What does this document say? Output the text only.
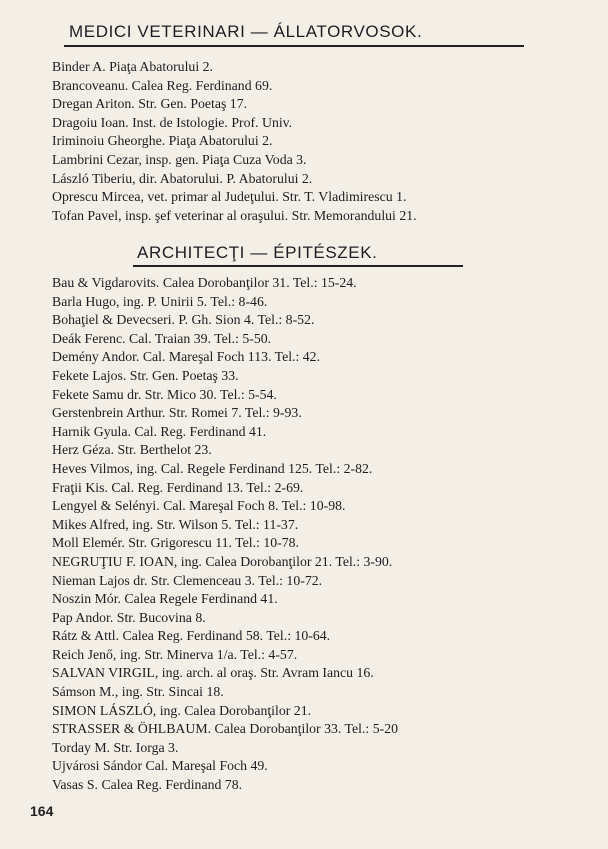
MEDICI VETERINARI — ÁLLATORVOSOK.
Binder A. Piaţa Abatorului 2.
Brancoveanu. Calea Reg. Ferdinand 69.
Dregan Ariton. Str. Gen. Poetaş 17.
Dragoiu Ioan. Inst. de Istologie. Prof. Univ.
Iriminoiu Gheorghe. Piaţa Abatorului 2.
Lambrini Cezar, insp. gen. Piaţa Cuza Voda 3.
László Tiberiu, dir. Abatorului. P. Abatorului 2.
Oprescu Mircea, vet. primar al Judeţului. Str. T. Vladimirescu 1.
Tofan Pavel, insp. şef veterinar al oraşului. Str. Memorandului 21.
ARCHITECŢI — ÉPITÉSZEK.
Bau & Vigdarovits. Calea Dorobanţilor 31. Tel.: 15-24.
Barla Hugo, ing. P. Unirii 5. Tel.: 8-46.
Bohaţiel & Devecseri. P. Gh. Sion 4. Tel.: 8-52.
Deák Ferenc. Cal. Traian 39. Tel.: 5-50.
Demény Andor. Cal. Mareşal Foch 113. Tel.: 42.
Fekete Lajos. Str. Gen. Poetaş 33.
Fekete Samu dr. Str. Mico 30. Tel.: 5-54.
Gerstenbrein Arthur. Str. Romei 7. Tel.: 9-93.
Harnik Gyula. Cal. Reg. Ferdinand 41.
Herz Géza. Str. Berthelot 23.
Heves Vilmos, ing. Cal. Regele Ferdinand 125. Tel.: 2-82.
Fraţii Kis. Cal. Reg. Ferdinand 13. Tel.: 2-69.
Lengyel & Selényi. Cal. Mareşal Foch 8. Tel.: 10-98.
Mikes Alfred, ing. Str. Wilson 5. Tel.: 11-37.
Moll Elemér. Str. Grigorescu 11. Tel.: 10-78.
NEGRUŢIU F. IOAN, ing. Calea Dorobanţilor 21. Tel.: 3-90.
Nieman Lajos dr. Str. Clemenceau 3. Tel.: 10-72.
Noszin Mór. Calea Regele Ferdinand 41.
Pap Andor. Str. Bucovina 8.
Rátz & Attl. Calea Reg. Ferdinand 58. Tel.: 10-64.
Reich Jenő, ing. Str. Minerva 1/a. Tel.: 4-57.
SALVAN VIRGIL, ing. arch. al oraş. Str. Avram Iancu 16.
Sámson M., ing. Str. Sincai 18.
SIMON LÁSZLÓ, ing. Calea Dorobanţilor 21.
STRASSER & ÖHLBAUM. Calea Dorobanţilor 33. Tel.: 5-20
Torday M. Str. Iorga 3.
Ujvárosi Sándor Cal. Mareşal Foch 49.
Vasas S. Calea Reg. Ferdinand 78.
164
